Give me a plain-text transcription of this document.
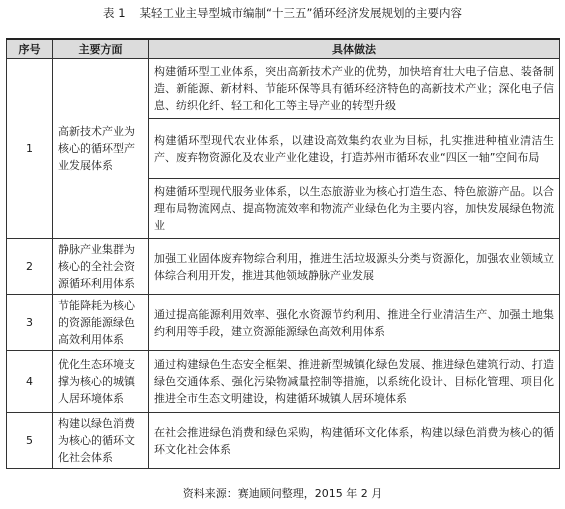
表 1 某轻工业主导型城市编制“十三五”循环经济发展规划的主要内容
序号	主要方面	具体做法
1	高新技术产业为核心的循环型产业发展体系	构建循环型工业体系，突出高新技术产业的优势，加快培育壮大电子信息、装备制造、新能源、新材料、节能环保等具有循环经济特色的高新技术产业；深化电子信息、纺织化纤、轻工和化工等主导产业的转型升级
		构建循环型现代农业体系，以建设高效集约农业为目标，扎实推进种植业清洁生产、废弃物资源化及农业产业化建设，打造苏州市循环农业“四区一轴”空间布局
		构建循环型现代服务业体系，以生态旅游业为核心打造生态、特色旅游产品。以合理布局物流网点、提高物流效率和物流产业绿色化为主要内容，加快发展绿色物流业
2	静脉产业集群为核心的全社会资源循环利用体系	加强工业固体废弃物综合利用，推进生活垃圾源头分类与资源化，加强农业领域立体综合利用开发，推进其他领域静脉产业发展
3	节能降耗为核心的资源能源绿色高效利用体系	通过提高能源利用效率、强化水资源节约利用、推进全行业清洁生产、加强土地集约利用等手段，建立资源能源绿色高效利用体系
4	优化生态环境支撑为核心的城镇人居环境体系	通过构建绿色生态安全框架、推进新型城镇化绿色发展、推进绿色建筑行动、打造绿色交通体系、强化污染物减量控制等措施，以系统化设计、目标化管理、项目化推进全市生态文明建设，构建循环城镇人居环境体系
5	构建以绿色消费为核心的循环文化社会体系	在社会推进绿色消费和绿色采购，构建循环文化体系，构建以绿色消费为核心的循环文化社会体系
资料来源：赛迪顾问整理，2015 年 2 月
